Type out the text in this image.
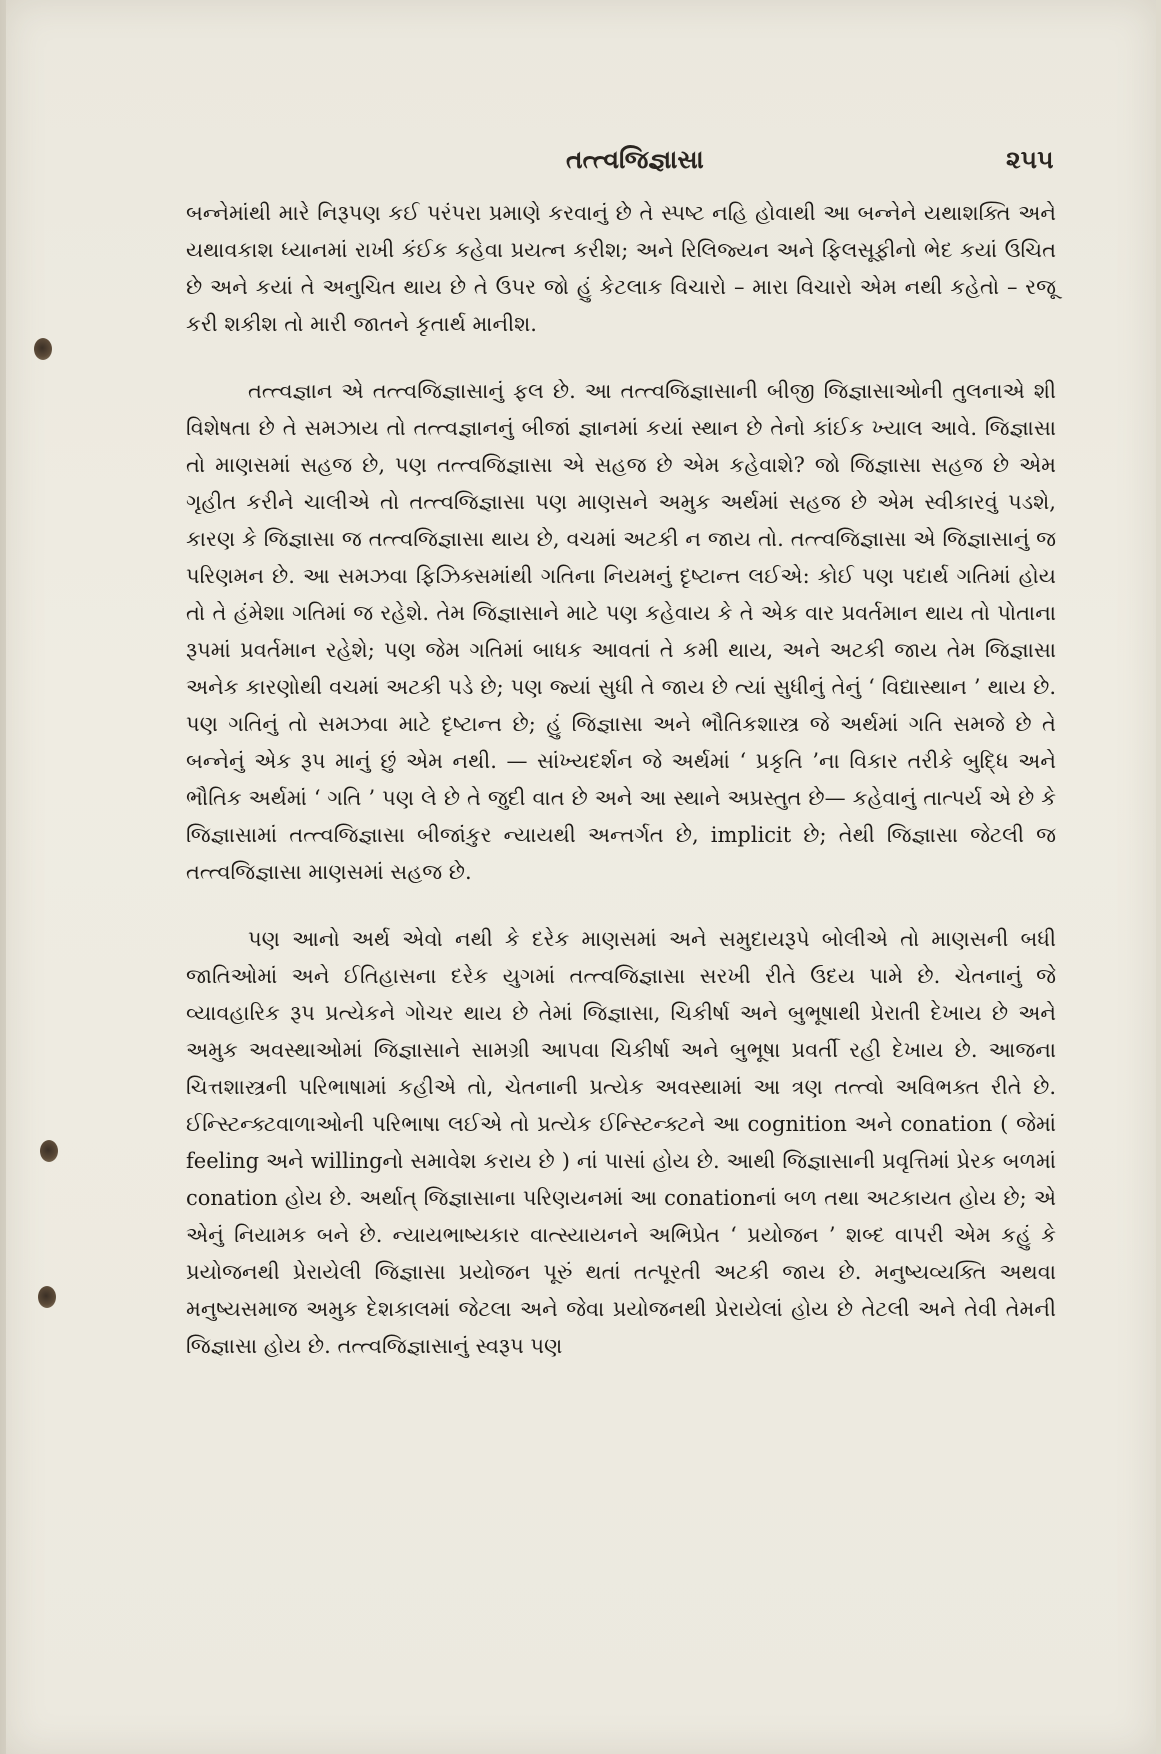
તત્ત્વજિજ્ઞાસા	૨૫૫

બન્નેમાંથી મારે નિરૂપણ કઈ પરંપરા પ્રમાણે કરવાનું છે તે સ્પષ્ટ નહિ હોવાથી આ બન્નેને યથાશક્તિ અને યથાવકાશ ધ્યાનમાં રાખી કંઈક કહેવા પ્રયત્ન કરીશ; અને રિલિજ્યન અને ફિલસૂફીનો ભેદ કયાં ઉચિત છે અને કયાં તે અનુચિત થાય છે તે ઉપર જો હું કેટલાક વિચારો – મારા વિચારો એમ નથી કહેતો – રજૂ કરી શકીશ તો મારી જાતને કૃતાર્થ માનીશ.

તત્ત્વજ્ઞાન એ તત્ત્વજિજ્ઞાસાનું ફલ છે. આ તત્ત્વજિજ્ઞાસાની બીજી જિજ્ઞાસાઓની તુલનાએ શી વિશેષતા છે તે સમઝાય તો તત્ત્વજ્ઞાનનું બીજાં જ્ઞાનમાં કયાં સ્થાન છે તેનો કાંઈક ખ્યાલ આવે. જિજ્ઞાસા તો માણસમાં સહજ છે, પણ તત્ત્વજિજ્ઞાસા એ સહજ છે એમ કહેવાશે? જો જિજ્ઞાસા સહજ છે એમ ગૃહીત કરીને ચાલીએ તો તત્ત્વજિજ્ઞાસા પણ માણસને અમુક અર્થમાં સહજ છે એમ સ્વીકારવું પડશે, કારણ કે જિજ્ઞાસા જ તત્ત્વજિજ્ઞાસા થાય છે, વચમાં અટકી ન જાય તો. તત્ત્વજિજ્ઞાસા એ જિજ્ઞાસાનું જ પરિણમન છે. આ સમઝવા ફિઝિક્સમાંથી ગતિના નિયમનું દૃષ્ટાન્ત લઈએ: કોઈ પણ પદાર્થ ગતિમાં હોય તો તે હંમેશા ગતિમાં જ રહેશે. તેમ જિજ્ઞાસાને માટે પણ કહેવાય કે તે એક વાર પ્રવર્તમાન થાય તો પોતાના રૂપમાં પ્રવર્તમાન રહેશે; પણ જેમ ગતિમાં બાધક આવતાં તે કમી થાય, અને અટકી જાય તેમ જિજ્ઞાસા અનેક કારણોથી વચમાં અટકી પડે છે; પણ જ્યાં સુધી તે જાય છે ત્યાં સુધીનું તેનું ‘ વિદ્યાસ્થાન ’ થાય છે. પણ ગતિનું તો સમઝવા માટે દૃષ્ટાન્ત છે; હું જિજ્ઞાસા અને ભૌતિકશાસ્ત્ર જે અર્થમાં ગતિ સમજે છે તે બન્નેનું એક રૂપ માનું છું એમ નથી. — સાંખ્યદર્શન જે અર્થમાં ‘ પ્રકૃતિ ’ના વિકાર તરીકે બુદ્ધિ અને ભૌતિક અર્થમાં ‘ ગતિ ’ પણ લે છે તે જુદી વાત છે અને આ સ્થાને અપ્રસ્તુત છે— કહેવાનું તાત્પર્ય એ છે કે જિજ્ઞાસામાં તત્ત્વજિજ્ઞાસા બીજાંકુર ન્યાયથી અન્તર્ગત છે, implicit છે; તેથી જિજ્ઞાસા જેટલી જ તત્ત્વજિજ્ઞાસા માણસમાં સહજ છે.

પણ આનો અર્થ એવો નથી કે દરેક માણસમાં અને સમુદાયરૂપે બોલીએ તો માણસની બધી જાતિઓમાં અને ઈતિહાસના દરેક યુગમાં તત્ત્વજિજ્ઞાસા સરખી રીતે ઉદય પામે છે. ચેતનાનું જે વ્યાવહારિક રૂપ પ્રત્યેકને ગોચર થાય છે તેમાં જિજ્ઞાસા, ચિકીર્ષા અને બુભૂષાથી પ્રેરાતી દેખાય છે અને અમુક અવસ્થાઓમાં જિજ્ઞાસાને સામગ્રી આપવા ચિકીર્ષા અને બુભૂષા પ્રવર્તી રહી દેખાય છે. આજના ચિત્તશાસ્ત્રની પરિભાષામાં કહીએ તો, ચેતનાની પ્રત્યેક અવસ્થામાં આ ત્રણ તત્ત્વો અવિભક્ત રીતે છે. ઈન્સ્ટિન્ક્ટવાળાઓની પરિભાષા લઈએ તો પ્રત્યેક ઈન્સ્ટિન્ક્ટને આ cognition અને conation ( જેમાં feeling અને willingનો સમાવેશ કરાય છે ) નાં પાસાં હોય છે. આથી જિજ્ઞાસાની પ્રવૃત્તિમાં પ્રેરક બળમાં conation હોય છે. અર્થાત્ જિજ્ઞાસાના પરિણયનમાં આ conationનાં બળ તથા અટકાયત હોય છે; એ એનું નિયામક બને છે. ન્યાયભાષ્યકાર વાત્સ્યાયનને અભિપ્રેત ‘ પ્રયોજન ’ શબ્દ વાપરી એમ કહું કે પ્રયોજનથી પ્રેરાયેલી જિજ્ઞાસા પ્રયોજન પૂરું થતાં તત્પૂરતી અટકી જાય છે. મનુષ્યવ્યક્તિ અથવા મનુષ્યસમાજ અમુક દેશકાલમાં જેટલા અને જેવા પ્રયોજનથી પ્રેરાયેલાં હોય છે તેટલી અને તેવી તેમની જિજ્ઞાસા હોય છે. તત્ત્વજિજ્ઞાસાનું સ્વરૂપ પણ
